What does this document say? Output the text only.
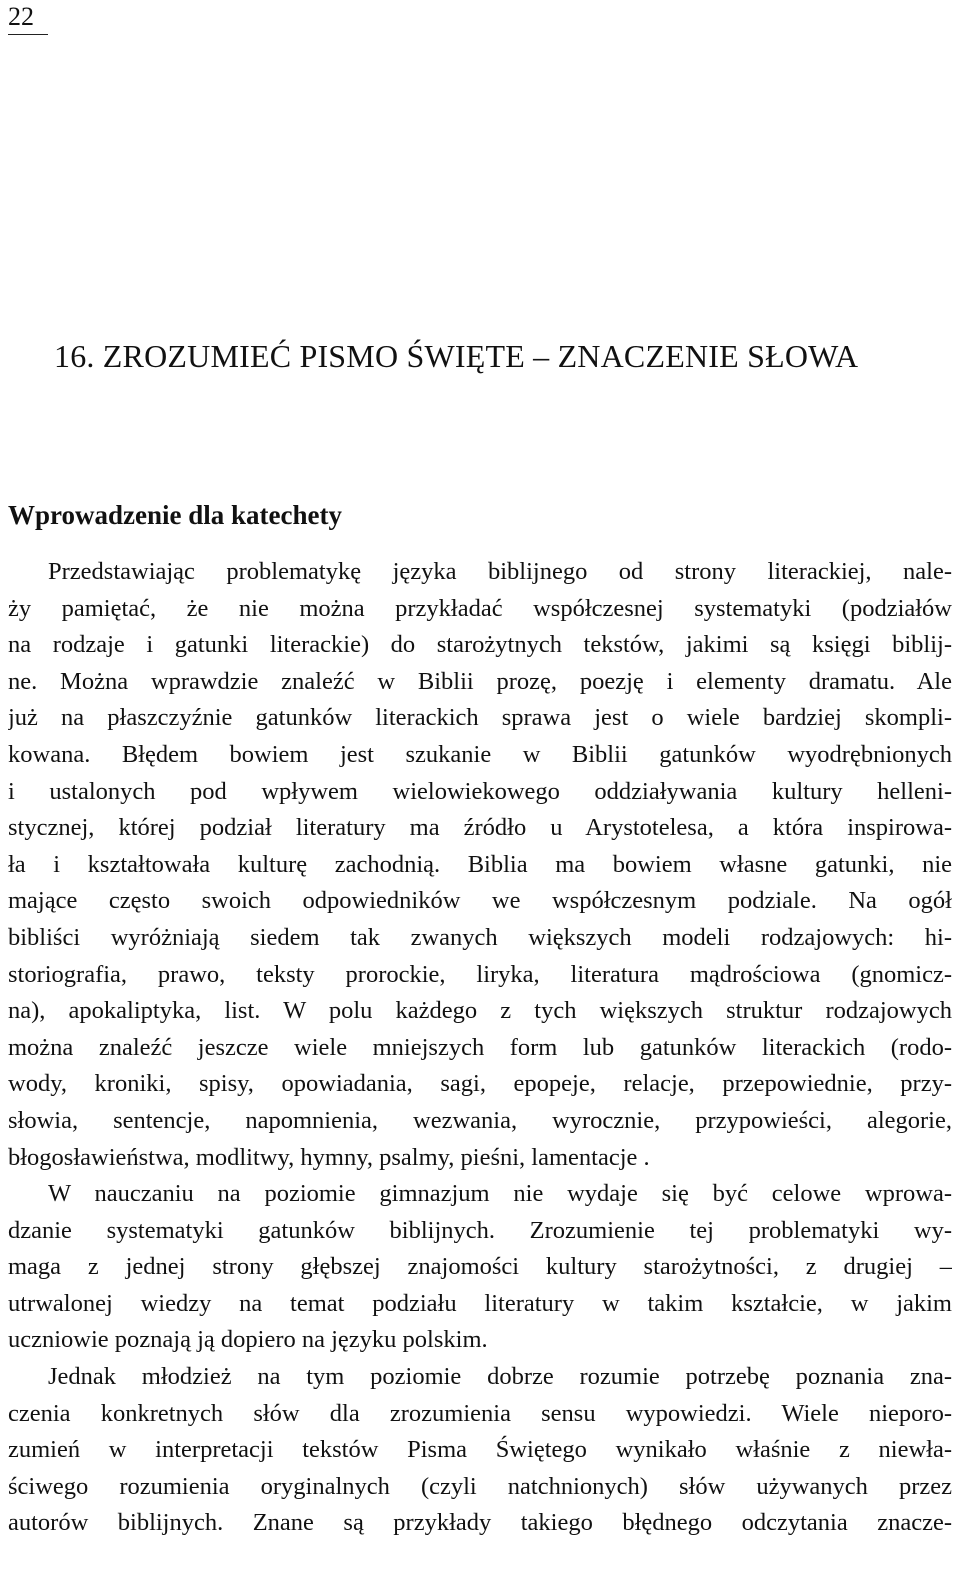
22
16. ZROZUMIEĆ PISMO ŚWIĘTE – ZNACZENIE SŁOWA
Wprowadzenie dla katechety
Przedstawiając problematykę języka biblijnego od strony literackiej, nale-
ży pamiętać, że nie można przykładać współczesnej systematyki (podziałów
na rodzaje i gatunki literackie) do starożytnych tekstów, jakimi są księgi biblij-
ne. Można wprawdzie znaleźć w Biblii prozę, poezję i elementy dramatu. Ale
już na płaszczyźnie gatunków literackich sprawa jest o wiele bardziej skompli-
kowana. Błędem bowiem jest szukanie w Biblii gatunków wyodrębnionych
i ustalonych pod wpływem wielowiekowego oddziaływania kultury helleni-
stycznej, której podział literatury ma źródło u Arystotelesa, a która inspirowa-
ła i kształtowała kulturę zachodnią. Biblia ma bowiem własne gatunki, nie
mające często swoich odpowiedników we współczesnym podziale. Na ogół
bibliści wyróżniają siedem tak zwanych większych modeli rodzajowych: hi-
storiografia, prawo, teksty prorockie, liryka, literatura mądrościowa (gnomicz-
na), apokaliptyka, list. W polu każdego z tych większych struktur rodzajowych
można znaleźć jeszcze wiele mniejszych form lub gatunków literackich (rodo-
wody, kroniki, spisy, opowiadania, sagi, epopeje, relacje, przepowiednie, przy-
słowia, sentencje, napomnienia, wezwania, wyrocznie, przypowieści, alegorie,
błogosławieństwa, modlitwy, hymny, psalmy, pieśni, lamentacje .
W nauczaniu na poziomie gimnazjum nie wydaje się być celowe wprowa-
dzanie systematyki gatunków biblijnych. Zrozumienie tej problematyki wy-
maga z jednej strony głębszej znajomości kultury starożytności, z drugiej –
utrwalonej wiedzy na temat podziału literatury w takim kształcie, w jakim
uczniowie poznają ją dopiero na języku polskim.
Jednak młodzież na tym poziomie dobrze rozumie potrzebę poznania zna-
czenia konkretnych słów dla zrozumienia sensu wypowiedzi. Wiele nieporo-
zumień w interpretacji tekstów Pisma Świętego wynikało właśnie z niewła-
ściwego rozumienia oryginalnych (czyli natchnionych) słów używanych przez
autorów biblijnych. Znane są przykłady takiego błędnego odczytania znacze-
